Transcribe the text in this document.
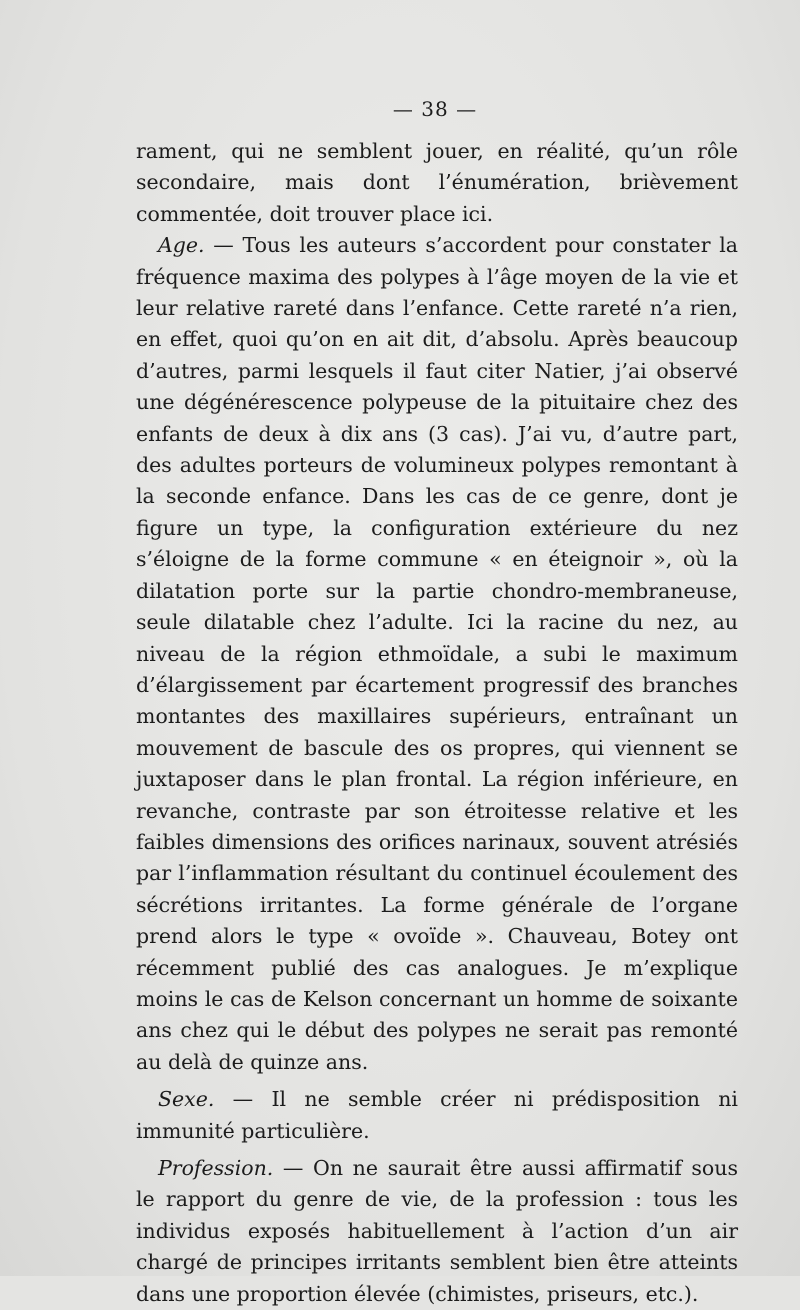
— 38 —

rament, qui ne semblent jouer, en réalité, qu’un rôle secondaire, mais dont l’énumération, brièvement commentée, doit trouver place ici.

Age. — Tous les auteurs s’accordent pour constater la fréquence maxima des polypes à l’âge moyen de la vie et leur relative rareté dans l’enfance. Cette rareté n’a rien, en effet, quoi qu’on en ait dit, d’absolu. Après beaucoup d’autres, parmi lesquels il faut citer Natier, j’ai observé une dégénérescence polypeuse de la pituitaire chez des enfants de deux à dix ans (3 cas). J’ai vu, d’autre part, des adultes porteurs de volumineux polypes remontant à la seconde enfance. Dans les cas de ce genre, dont je figure un type, la configuration extérieure du nez s’éloigne de la forme commune « en éteignoir », où la dilatation porte sur la partie chondro-membraneuse, seule dilatable chez l’adulte. Ici la racine du nez, au niveau de la région ethmoïdale, a subi le maximum d’élargissement par écartement progressif des branches montantes des maxillaires supérieurs, entraînant un mouvement de bascule des os propres, qui viennent se juxtaposer dans le plan frontal. La région inférieure, en revanche, contraste par son étroitesse relative et les faibles dimensions des orifices narinaux, souvent atrésiés par l’inflammation résultant du continuel écoulement des sécrétions irritantes. La forme générale de l’organe prend alors le type « ovoïde ». Chauveau, Botey ont récemment publié des cas analogues. Je m’explique moins le cas de Kelson concernant un homme de soixante ans chez qui le début des polypes ne serait pas remonté au delà de quinze ans.

Sexe. — Il ne semble créer ni prédisposition ni immunité particulière.

Profession. — On ne saurait être aussi affirmatif sous le rapport du genre de vie, de la profession : tous les individus exposés habituellement à l’action d’un air chargé de principes irritants semblent bien être atteints dans une proportion élevée (chimistes, priseurs, etc.).
